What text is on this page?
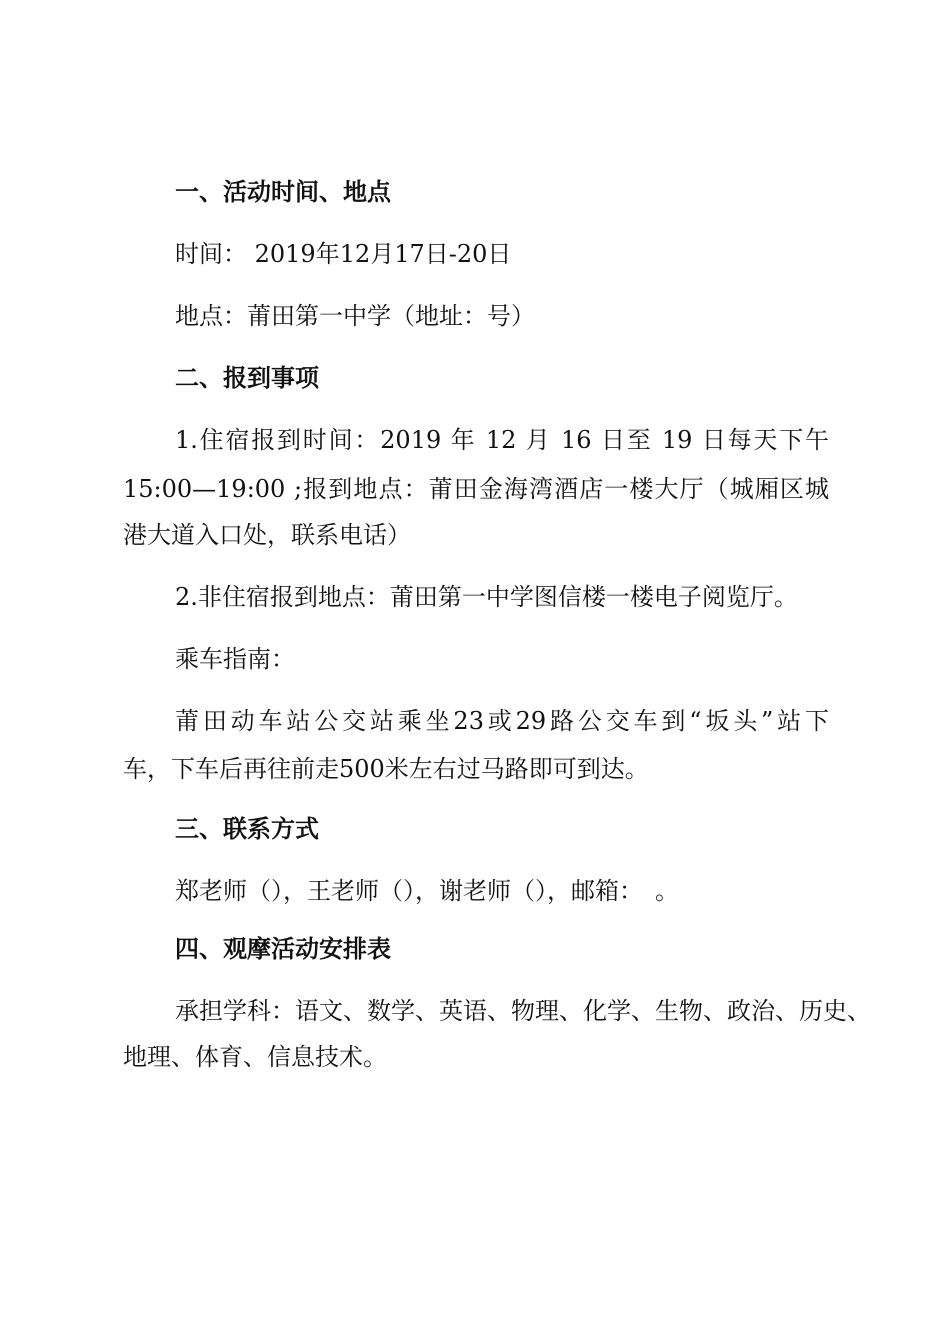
一、活动时间、地点
时间： 2019年12月17日-20日
地点：莆田第一中学（地址：号）
二、报到事项
1.住宿报到时间：2019 年 12 月 16 日至 19 日每天下午
15:00—19:00 ;报到地点：莆田金海湾酒店一楼大厅（城厢区城
港大道入口处，联系电话）
2.非住宿报到地点：莆田第一中学图信楼一楼电子阅览厅。
乘车指南：
莆田动车站公交站乘坐23或29路公交车到“坂头”站下
车，下车后再往前走500米左右过马路即可到达。
三、联系方式
郑老师（），王老师（），谢老师（），邮箱：　。
四、观摩活动安排表
承担学科：语文、数学、英语、物理、化学、生物、政治、历史、
地理、体育、信息技术。
